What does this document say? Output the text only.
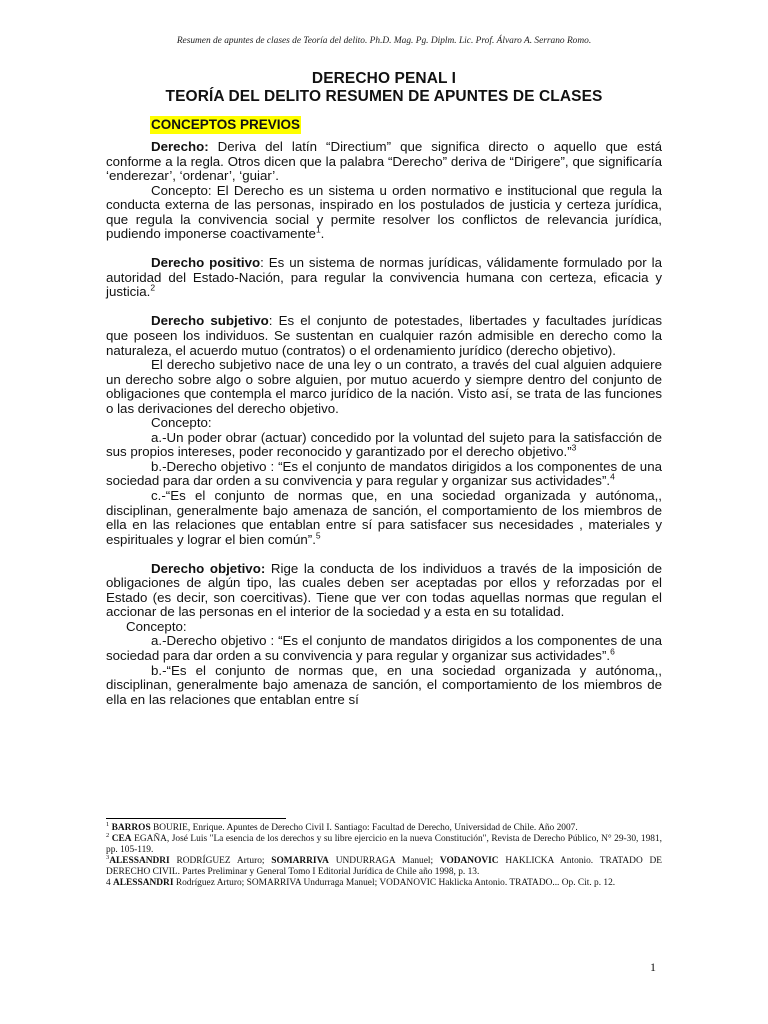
Resumen de apuntes de clases de Teoría del delito. Ph.D. Mag. Pg. Diplm. Lic. Prof. Álvaro A. Serrano Romo.
DERECHO PENAL I
TEORÍA DEL DELITO RESUMEN DE APUNTES DE CLASES
CONCEPTOS PREVIOS

Derecho: Deriva del latín “Directium” que significa directo o aquello que está conforme a la regla. Otros dicen que la palabra “Derecho” deriva de “Dirigere”, que significaría ‘enderezar’, ‘ordenar’, ‘guiar’.

Concepto: El Derecho es un sistema u orden normativo e institucional que regula la conducta externa de las personas, inspirado en los postulados de justicia y certeza jurídica, que regula la convivencia social y permite resolver los conflictos de relevancia jurídica, pudiendo imponerse coactivamente$^1$.

Derecho positivo: Es un sistema de normas jurídicas, válidamente formulado por la autoridad del Estado-Nación, para regular la convivencia humana con certeza, eficacia y justicia.$^2$

Derecho subjetivo: Es el conjunto de potestades, libertades y facultades jurídicas que poseen los individuos. Se sustentan en cualquier razón admisible en derecho como la naturaleza, el acuerdo mutuo (contratos) o el ordenamiento jurídico (derecho objetivo).

El derecho subjetivo nace de una ley o un contrato, a través del cual alguien adquiere un derecho sobre algo o sobre alguien, por mutuo acuerdo y siempre dentro del conjunto de obligaciones que contempla el marco jurídico de la nación. Visto así, se trata de las funciones o las derivaciones del derecho objetivo.

Concepto:

a.-Un poder obrar (actuar) concedido por la voluntad del sujeto para la satisfacción de sus propios intereses, poder reconocido y garantizado por el derecho objetivo.”$^3$

b.-Derecho objetivo : “Es el conjunto de mandatos dirigidos a los componentes de una sociedad para dar orden a su convivencia y para regular y organizar sus actividades”.$^4$

c.-“Es el conjunto de normas que, en una sociedad organizada y autónoma,, disciplinan, generalmente bajo amenaza de sanción, el comportamiento de los miembros de ella en las relaciones que entablan entre sí para satisfacer sus necesidades , materiales y espirituales y lograr el bien común”.$^5$

Derecho objetivo: Rige la conducta de los individuos a través de la imposición de obligaciones de algún tipo, las cuales deben ser aceptadas por ellos y reforzadas por el Estado (es decir, son coercitivas). Tiene que ver con todas aquellas normas que regulan el accionar de las personas en el interior de la sociedad y a esta en su totalidad.

Concepto:

a.-Derecho objetivo : “Es el conjunto de mandatos dirigidos a los componentes de una sociedad para dar orden a su convivencia y para regular y organizar sus actividades”.$^6$

b.-“Es el conjunto de normas que, en una sociedad organizada y autónoma,, disciplinan, generalmente bajo amenaza de sanción, el comportamiento de los miembros de ella en las relaciones que entablan entre sí

$^1$ BARROS BOURIE, Enrique. Apuntes de Derecho Civil I. Santiago: Facultad de Derecho, Universidad de Chile. Año 2007.

$^2$ CEA EGAÑA, José Luis "La esencia de los derechos y su libre ejercicio en la nueva Constitución", Revista de Derecho Público, N° 29-30, 1981, pp. 105-119.

$^3$ALESSANDRI RODRÍGUEZ Arturo; SOMARRIVA UNDURRAGA Manuel; VODANOVIC HAKLICKA Antonio. TRATADO DE DERECHO CIVIL. Partes Preliminar y General Tomo I Editorial Jurídica de Chile año 1998, p. 13.

4 ALESSANDRI Rodríguez Arturo; SOMARRIVA Undurraga Manuel; VODANOVIC Haklicka Antonio. TRATADO... Op. Cit. p. 12.

1
